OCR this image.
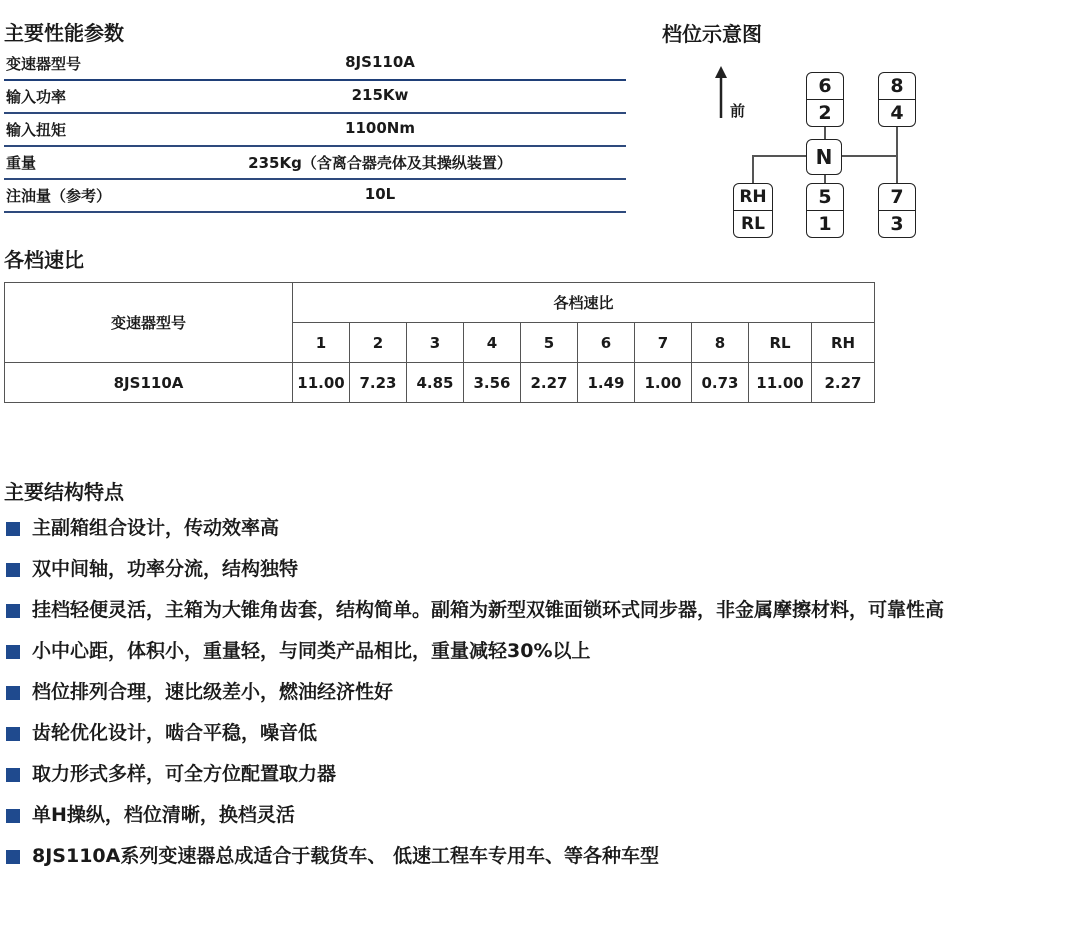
主要性能参数
变速器型号	8JS110A
输入功率	215Kw
输入扭矩	1100Nm
重量	235Kg（含离合器壳体及其操纵装置）
注油量（参考）	10L
档位示意图
前
6
2
8
4
RH
RL
5
1
7
3
N
各档速比
变速器型号	各档速比									
	1	2	3	4	5	6	7	8	RL	RH
8JS110A	11.00	7.23	4.85	3.56	2.27	1.49	1.00	0.73	11.00	2.27
主要结构特点
主副箱组合设计，传动效率高
双中间轴，功率分流，结构独特
挂档轻便灵活，主箱为大锥角齿套，结构简单。副箱为新型双锥面锁环式同步器，非金属摩擦材料，可靠性高
小中心距，体积小，重量轻，与同类产品相比，重量减轻30%以上
档位排列合理，速比级差小，燃油经济性好
齿轮优化设计，啮合平稳，噪音低
取力形式多样，可全方位配置取力器
单H操纵，档位清晰，换档灵活
8JS110A系列变速器总成适合于载货车、 低速工程车专用车、等各种车型
